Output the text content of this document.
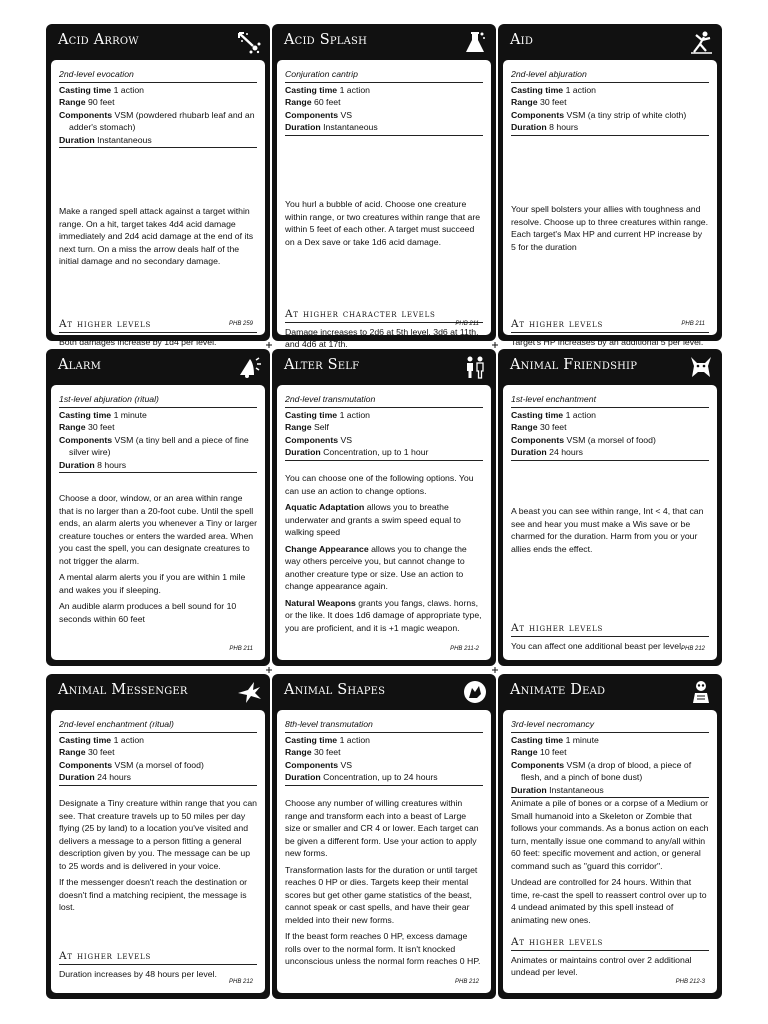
Acid Arrow
2nd-level evocation
Casting time 1 action
Range 90 feet
Components VSM (powdered rhubarb leaf and an adder's stomach)
Duration Instantaneous

Make a ranged spell attack against a target within range. On a hit, target takes 4d4 acid damage immediately and 2d4 acid damage at the end of its next turn. On a miss the arrow deals half of the initial damage and no secondary damage.

At higher levels
Both damages increase by 1d4 per level.
PHB 259
Acid Splash
Conjuration cantrip
Casting time 1 action
Range 60 feet
Components VS
Duration Instantaneous

You hurl a bubble of acid. Choose one creature within range, or two creatures within range that are within 5 feet of each other. A target must succeed on a Dex save or take 1d6 acid damage.

At higher character levels
Damage increases to 2d6 at 5th level, 3d6 at 11th, and 4d6 at 17th.
PHB 211
Aid
2nd-level abjuration
Casting time 1 action
Range 30 feet
Components VSM (a tiny strip of white cloth)
Duration 8 hours

Your spell bolsters your allies with toughness and resolve. Choose up to three creatures within range. Each target's Max HP and current HP increase by 5 for the duration

At higher levels
Target's HP increases by an additional 5 per level.
PHB 211
Alarm
1st-level abjuration (ritual)
Casting time 1 minute
Range 30 feet
Components VSM (a tiny bell and a piece of fine silver wire)
Duration 8 hours

Choose a door, window, or an area within range that is no larger than a 20-foot cube. Until the spell ends, an alarm alerts you whenever a Tiny or larger creature touches or enters the warded area. When you cast the spell, you can designate creatures to not trigger the alarm.

A mental alarm alerts you if you are within 1 mile and wakes you if sleeping.

An audible alarm produces a bell sound for 10 seconds within 60 feet

PHB 211
Alter Self
2nd-level transmutation
Casting time 1 action
Range Self
Components VS
Duration Concentration, up to 1 hour

You can choose one of the following options. You can use an action to change options.

Aquatic Adaptation allows you to breathe underwater and grants a swim speed equal to walking speed

Change Appearance allows you to change the way others perceive you, but cannot change to another creature type or size. Use an action to change appearance again.

Natural Weapons grants you fangs, claws. horns, or the like. It does 1d6 damage of appropriate type, you are proficient, and it is +1 magic weapon.

PHB 211-2
Animal Friendship
1st-level enchantment
Casting time 1 action
Range 30 feet
Components VSM (a morsel of food)
Duration 24 hours

A beast you can see within range, Int < 4, that can see and hear you must make a Wis save or be charmed for the duration. Harm from you or your allies ends the effect.

At higher levels
You can affect one additional beast per level.
PHB 212
Animal Messenger
2nd-level enchantment (ritual)
Casting time 1 action
Range 30 feet
Components VSM (a morsel of food)
Duration 24 hours

Designate a Tiny creature within range that you can see. That creature travels up to 50 miles per day flying (25 by land) to a location you've visited and delivers a message to a person fitting a general description given by you. The message can be up to 25 words and is delivered in your voice.

If the messenger doesn't reach the destination or doesn't find a matching recipient, the message is lost.

At higher levels
Duration increases by 48 hours per level.
PHB 212
Animal Shapes
8th-level transmutation
Casting time 1 action
Range 30 feet
Components VS
Duration Concentration, up to 24 hours

Choose any number of willing creatures within range and transform each into a beast of Large size or smaller and CR 4 or lower. Each target can be given a different form. Use your action to apply new forms.

Transformation lasts for the duration or until target reaches 0 HP or dies. Targets keep their mental scores but get other game statistics of the beast, cannot speak or cast spells, and have their gear melded into their new forms.

If the beast form reaches 0 HP, excess damage rolls over to the normal form. It isn't knocked unconscious unless the normal form reaches 0 HP.

PHB 212
Animate Dead
3rd-level necromancy
Casting time 1 minute
Range 10 feet
Components VSM (a drop of blood, a piece of flesh, and a pinch of bone dust)
Duration Instantaneous

Animate a pile of bones or a corpse of a Medium or Small humanoid into a Skeleton or Zombie that follows your commands. As a bonus action on each turn, mentally issue one command to any/all within 60 feet: specific movement and action, or general command such as "guard this corridor".

Undead are controlled for 24 hours. Within that time, re-cast the spell to reassert control over up to 4 undead animated by this spell instead of animating new ones.

At higher levels
Animates or maintains control over 2 additional undead per level.
PHB 212-3
